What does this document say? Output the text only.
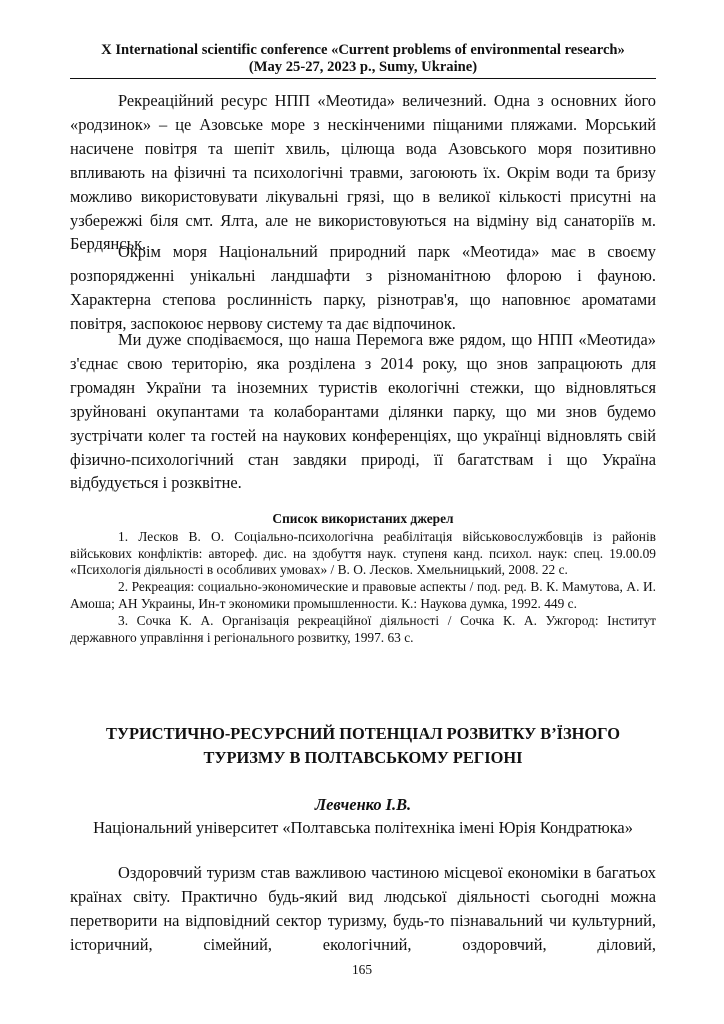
X International scientific conference «Current problems of environmental research»
(May 25-27, 2023 р., Sumy, Ukraine)

Рекреаційний ресурс НПП «Меотида» величезний. Одна з основних його «родзинок» – це Азовське море з нескінченими піщаними пляжами. Морський насичене повітря та шепіт хвиль, цілюща вода Азовського моря позитивно впливають на фізичні та психологічні травми, загоюють їх. Окрім води та бризу можливо використовувати лікувальні грязі, що в великої кількості присутні на узбережжі біля смт. Ялта, але не використовуються на відміну від санаторіїв м. Бердянськ.

Окрім моря Національний природний парк «Меотида» має в своєму розпорядженні унікальні ландшафти з різноманітною флорою і фауною. Характерна степова рослинність парку, різнотрав'я, що наповнює ароматами повітря, заспокоює нервову систему та дає відпочинок.

Ми дуже сподіваємося, що наша Перемога вже рядом, що НПП «Меотида» з'єднає свою територію, яка розділена з 2014 року, що знов запрацюють для громадян України та іноземних туристів екологічні стежки, що відновляться зруйновані окупантами та колаборантами ділянки парку, що ми знов будемо зустрічати колег та гостей на наукових конференціях, що українці відновлять свій фізично-психологічний стан завдяки природі, її багатствам і що Україна відбудується і розквітне.

Список використаних джерел

1. Лесков В. О. Соціально-психологічна реабілітація військовослужбовців із районів військових конфліктів: автореф. дис. на здобуття наук. ступеня канд. психол. наук: спец. 19.00.09 «Психологія діяльності в особливих умовах» / В. О. Лесков. Хмельницький, 2008. 22 с.

2. Рекреация: социально-экономические и правовые аспекты / под. ред. В. К. Мамутова, А. И. Амоша; АН Украины, Ин-т экономики промышленности. К.: Наукова думка, 1992. 449 с.

3. Сочка К. А. Організація рекреаційної діяльності / Сочка К. А. Ужгород: Інститут державного управління і регіонального розвитку, 1997. 63 с.

ТУРИСТИЧНО-РЕСУРСНИЙ ПОТЕНЦІАЛ РОЗВИТКУ В’ЇЗНОГО
ТУРИЗМУ В ПОЛТАВСЬКОМУ РЕГІОНІ
Левченко І.В.
Національний університет «Полтавська політехніка імені Юрія Кондратюка»

Оздоровчий туризм став важливою частиною місцевої економіки в багатьох країнах світу. Практично будь-який вид людської діяльності сьогодні можна перетворити на відповідний сектор туризму, будь-то пізнавальний чи культурний, історичний, сімейний, екологічний, оздоровчий, діловий,

165
